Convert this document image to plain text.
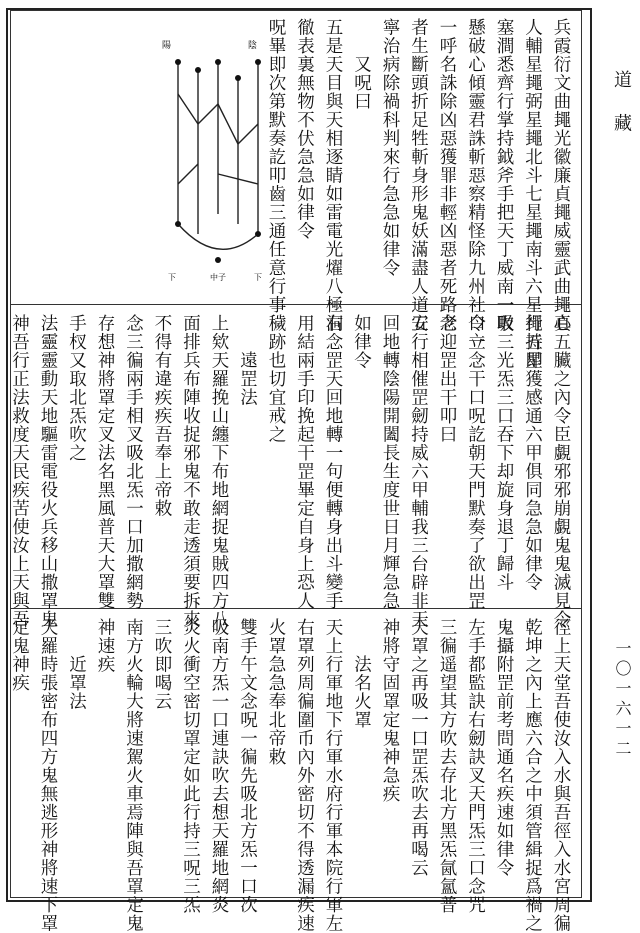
兵霞衍文曲䵷光徽廉貞䵷威靈武曲䵷真
人輔星䵷弼星䵷北斗七星䵷南斗六星䵷五星
塞澗悉齊行掌持鉞斧手把天丁威南一吸
懸破心傾靈君誅斬惡察精怪除九州社令一
一呼名誅除凶惡獲罪非輕凶惡者死路老
者生斷頭折足牲斬身形鬼妖滿盡人道安
寧治病除禍科判來行急急如律令
　　又呪曰
五是天目與天相逐睛如雷電光燿八極洞
徹表裏無物不伏急急如律令
呪畢即次第默奏訖叩齒三通任意行事
陽	陰
下	中子	下
心五臟之內令臣覷邪邪崩覷鬼鬼滅見令
行持即獲感通六甲俱同急急如律令
取三光炁三口吞下却旋身退丁歸斗
口立念干口呪訖朝天門默奏了欲出罡
念迎罡出干叩曰
五行相催罡劒持威六甲輔我三台辟非天
回地轉陰陽開闔長生度世日月輝急急
如律令
右念罡天回地轉一句便轉身出斗變手
用結兩手印挽起干罡畢定自身上恐人
穢跡也切宜戒之
　　遠罡法
上欸天羅挽山纏下布地網捉鬼賊四方八
面排兵布陣收捉邪鬼不敢走透須要拆來
不得有違疾疾吾奉上帝敕
念三徧兩手相叉吸北炁一口加撒網勢
存想神將罩定叉法名黑風普天大罩雙
手杈又取北炁吹之
法靈靈動天地驅雷電役火兵移山撒罩鬼
神吾行正法救度天民疾苦使汝上天與吾
徑上天堂吾使汝入水與吾徑入水宮周徧
乾坤之內上應六合之中須管緝捉爲禍之
鬼攝附罡前考問通名疾速如律令
左手都監訣右劒訣叉天門炁三口念咒
三徧遥望其方吹去存北方黑炁氤氳普
天罩之再吸一口罡炁吹去再喝云
神將守固罩定鬼神急疾
　　法名火罩
天上行軍地下行軍水府行軍本院行軍左
右罩列周徧圍币內外密切不得透漏疾速
火罩急急奉北帝敕
雙手午文念呪一徧先吸北方炁一口次
吸南方炁一口連訣吹去想天羅地網炎
炎火衝空密切罩定如此行持三呪三炁
三吹即喝云
南方火輪大將速駕火車焉陣與吾罩定鬼
神速疾
　　近罩法
天羅時張密布四方鬼無逃形神將速下罩
定鬼神疾
道 藏
一〇一六一二
